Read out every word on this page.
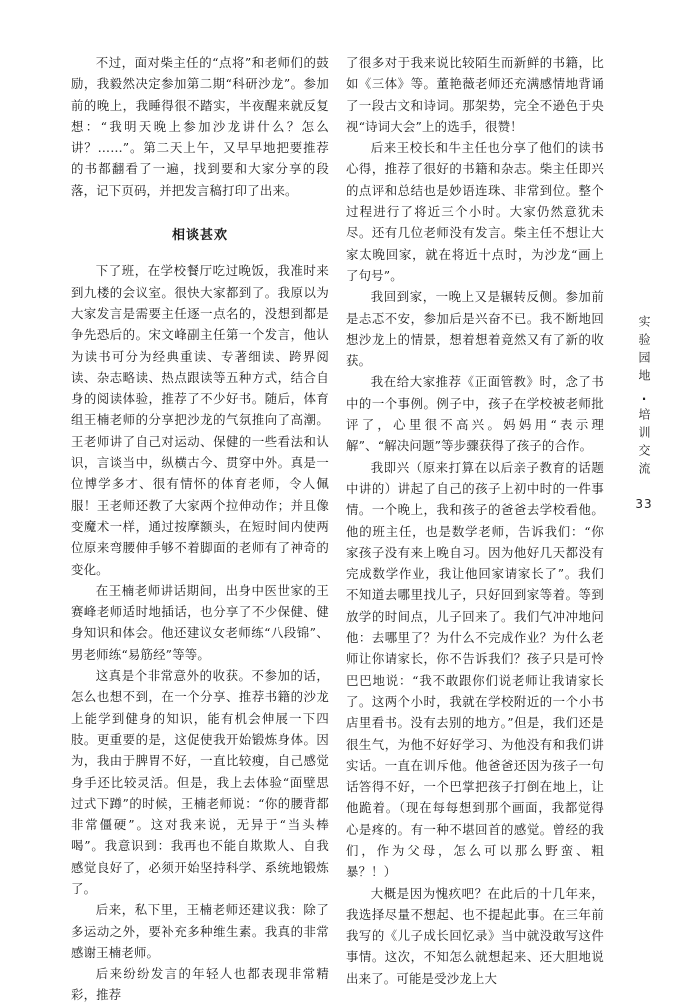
不过，面对柴主任的“点将”和老师们的鼓励，我毅然决定参加第二期“科研沙龙”。参加前的晚上，我睡得很不踏实，半夜醒来就反复想：“我明天晚上参加沙龙讲什么？怎么讲？……”。第二天上午，又早早地把要推荐的书都翻看了一遍，找到要和大家分享的段落，记下页码，并把发言稿打印了出来。

相谈甚欢

下了班，在学校餐厅吃过晚饭，我准时来到九楼的会议室。很快大家都到了。我原以为大家发言是需要主任逐一点名的，没想到都是争先恐后的。宋文峰副主任第一个发言，他认为读书可分为经典重读、专著细读、跨界阅读、杂志略读、热点跟读等五种方式，结合自身的阅读体验，推荐了不少好书。随后，体育组王楠老师的分享把沙龙的气氛推向了高潮。王老师讲了自己对运动、保健的一些看法和认识，言谈当中，纵横古今、贯穿中外。真是一位博学多才、很有情怀的体育老师，令人佩服！王老师还教了大家两个拉伸动作；并且像变魔术一样，通过按摩额头，在短时间内使两位原来弯腰伸手够不着脚面的老师有了神奇的变化。

在王楠老师讲话期间，出身中医世家的王赛峰老师适时地插话，也分享了不少保健、健身知识和体会。他还建议女老师练“八段锦”、男老师练“易筋经”等等。

这真是个非常意外的收获。不参加的话，怎么也想不到，在一个分享、推荐书籍的沙龙上能学到健身的知识，能有机会伸展一下四肢。更重要的是，这促使我开始锻炼身体。因为，我由于脾胃不好，一直比较瘦，自己感觉身手还比较灵活。但是，我上去体验“面壁思过式下蹲”的时候，王楠老师说：“你的腰背都非常僵硬”。这对我来说，无异于“当头棒喝”。我意识到：我再也不能自欺欺人、自我感觉良好了，必须开始坚持科学、系统地锻炼了。

后来，私下里，王楠老师还建议我：除了多运动之外，要补充多种维生素。我真的非常感谢王楠老师。

后来纷纷发言的年轻人也都表现非常精彩，推荐

了很多对于我来说比较陌生而新鲜的书籍，比如《三体》等。董艳薇老师还充满感情地背诵了一段古文和诗词。那架势，完全不逊色于央视“诗词大会”上的选手，很赞！

后来王校长和牛主任也分享了他们的读书心得，推荐了很好的书籍和杂志。柴主任即兴的点评和总结也是妙语连珠、非常到位。整个过程进行了将近三个小时。大家仍然意犹未尽。还有几位老师没有发言。柴主任不想让大家太晚回家，就在将近十点时，为沙龙“画上了句号”。

我回到家，一晚上又是辗转反侧。参加前是忐忑不安，参加后是兴奋不已。我不断地回想沙龙上的情景，想着想着竟然又有了新的收获。

我在给大家推荐《正面管教》时，念了书中的一个事例。例子中，孩子在学校被老师批评了，心里很不高兴。妈妈用“表示理解”、“解决问题”等步骤获得了孩子的合作。

我即兴（原来打算在以后亲子教育的话题中讲的）讲起了自己的孩子上初中时的一件事情。一个晚上，我和孩子的爸爸去学校看他。他的班主任，也是数学老师，告诉我们：“你家孩子没有来上晚自习。因为他好几天都没有完成数学作业，我让他回家请家长了”。我们不知道去哪里找儿子，只好回到家等着。等到放学的时间点，儿子回来了。我们气冲冲地问他：去哪里了？为什么不完成作业？为什么老师让你请家长，你不告诉我们？孩子只是可怜巴巴地说：“我不敢跟你们说老师让我请家长了。这两个小时，我就在学校附近的一个小书店里看书。没有去别的地方。”但是，我们还是很生气，为他不好好学习、为他没有和我们讲实话。一直在训斥他。他爸爸还因为孩子一句话答得不好，一个巴掌把孩子打倒在地上，让他跪着。（现在每每想到那个画面，我都觉得心是疼的。有一种不堪回首的感觉。曾经的我们，作为父母，怎么可以那么野蛮、粗暴？！）

大概是因为愧疚吧？在此后的十几年来，我选择尽量不想起、也不提起此事。在三年前我写的《儿子成长回忆录》当中就没敢写这件事情。这次，不知怎么就想起来、还大胆地说出来了。可能是受沙龙上大

实验园地
·
培训交流
33
